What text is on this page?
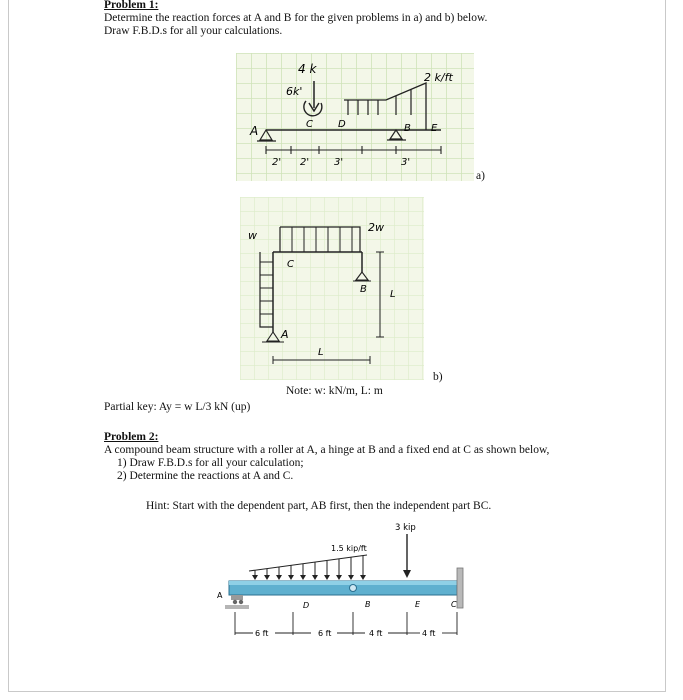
Problem 1:
Determine the reaction forces at A and B for the given problems in a) and b) below.
Draw F.B.D.s for all your calculations.
4 k
6k'
2 k/ft
A	C	D	B E
2' 2' 3'	3'
a)
w
2w
C
B
A
L
L
b)
Note: w: kN/m, L: m
Partial key: Ay = w L/3 kN (up)
Problem 2:
A compound beam structure with a roller at A, a hinge at B and a fixed end at C as shown below,
1) Draw F.B.D.s for all your calculation;
2) Determine the reactions at A and C.
Hint: Start with the dependent part, AB first, then the independent part BC.
3 kip
1.5 kip/ft
A
D	B	E	C
6 ft	6 ft	4 ft	4 ft
